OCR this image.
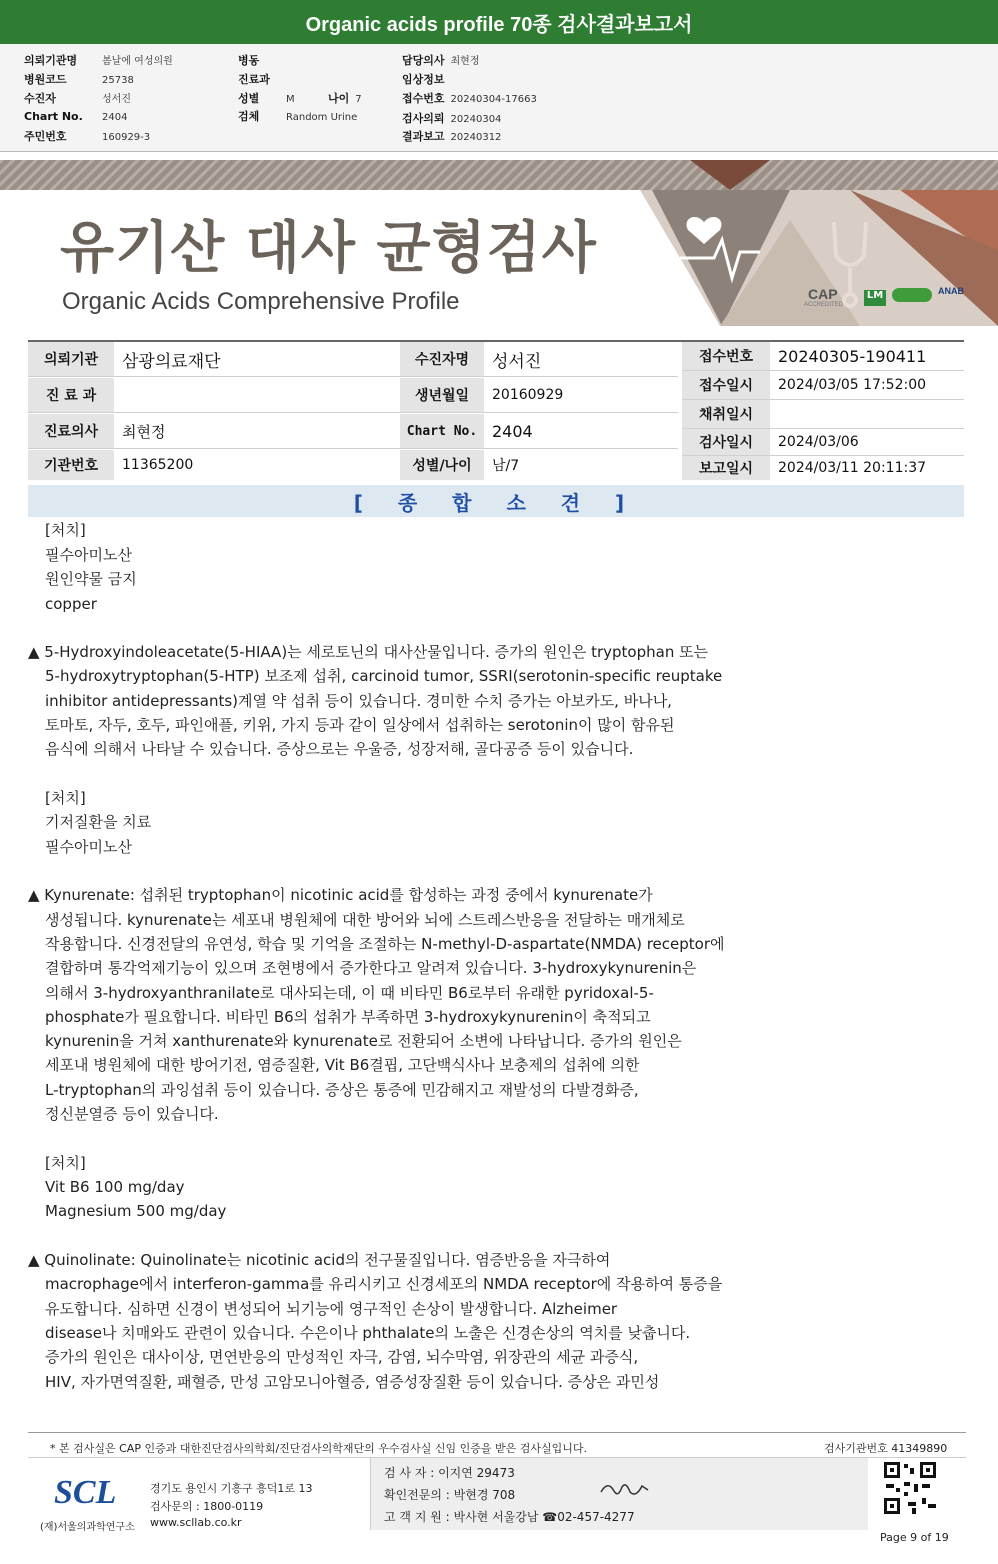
Organic acids profile 70종 검사결과보고서
의뢰기관명 봄날에 여성의원
병원코드	25738
수진자	성서진
Chart No. 2404
주민번호	160929-3
병동
진료과
성별	M	나이 7
검체	Random Urine
담당의사 최현정
임상정보
접수번호 20240304-17663
검사의뢰 20240304
결과보고 20240312
유기산 대사 균형검사
Organic Acids Comprehensive Profile	CAP
ACCREDITED
LM	ANAB
의뢰기관	삼광의료재단
진 료 과
진료의사	최현정
기관번호	11365200
수진자명	성서진
생년월일	20160929
Chart No. 2404
성별/나이	남/7
접수번호	20240305-190411
접수일시	2024/03/05 17:52:00
채취일시
검사일시	2024/03/06
보고일시	2024/03/11 20:11:37
[ 종 합 소 견 ]
[처치]
필수아미노산
원인약물 금지
copper
▲ 5-Hydroxyindoleacetate(5-HIAA)는 세로토닌의 대사산물입니다. 증가의 원인은 tryptophan 또는
5-hydroxytryptophan(5-HTP) 보조제 섭취, carcinoid tumor, SSRI(serotonin-specific reuptake
inhibitor antidepressants)계열 약 섭취 등이 있습니다. 경미한 수치 증가는 아보카도, 바나나,
토마토, 자두, 호두, 파인애플, 키위, 가지 등과 같이 일상에서 섭취하는 serotonin이 많이 함유된
음식에 의해서 나타날 수 있습니다. 증상으로는 우울증, 성장저해, 골다공증 등이 있습니다.
[처치]
기저질환을 치료
필수아미노산
▲ Kynurenate: 섭취된 tryptophan이 nicotinic acid를 합성하는 과정 중에서 kynurenate가
생성됩니다. kynurenate는 세포내 병원체에 대한 방어와 뇌에 스트레스반응을 전달하는 매개체로
작용합니다. 신경전달의 유연성, 학습 및 기억을 조절하는 N-methyl-D-aspartate(NMDA) receptor에
결합하며 통각억제기능이 있으며 조현병에서 증가한다고 알려져 있습니다. 3-hydroxykynurenin은
의해서 3-hydroxyanthranilate로 대사되는데, 이 때 비타민 B6로부터 유래한 pyridoxal-5-
phosphate가 필요합니다. 비타민 B6의 섭취가 부족하면 3-hydroxykynurenin이 축적되고
kynurenin을 거쳐 xanthurenate와 kynurenate로 전환되어 소변에 나타납니다. 증가의 원인은
세포내 병원체에 대한 방어기전, 염증질환, Vit B6결핍, 고단백식사나 보충제의 섭취에 의한
L-tryptophan의 과잉섭취 등이 있습니다. 증상은 통증에 민감해지고 재발성의 다발경화증,
정신분열증 등이 있습니다.
[처치]
Vit B6 100 mg/day
Magnesium 500 mg/day
▲ Quinolinate: Quinolinate는 nicotinic acid의 전구물질입니다. 염증반응을 자극하여
macrophage에서 interferon-gamma를 유리시키고 신경세포의 NMDA receptor에 작용하여 통증을
유도합니다. 심하면 신경이 변성되어 뇌기능에 영구적인 손상이 발생합니다. Alzheimer
disease나 치매와도 관련이 있습니다. 수은이나 phthalate의 노출은 신경손상의 역치를 낮춥니다.
증가의 원인은 대사이상, 면연반응의 만성적인 자극, 감염, 뇌수막염, 위장관의 세균 과증식,
HIV, 자가면역질환, 패혈증, 만성 고암모니아혈증, 염증성장질환 등이 있습니다. 증상은 과민성
* 본 검사실은 CAP 인증과 대한진단검사의학회/진단검사의학재단의 우수검사실 신임 인증을 받은 검사실입니다.	검사기관번호 41349890
SCL
(재)서울의과학연구소
경기도 용인시 기흥구 흥덕1로 13
검사문의 : 1800-0119
www.scllab.co.kr
검 사 자 : 이지연 29473
확인전문의 : 박현경 708
고 객 지 원 : 박사현 서울강남 ☎02-457-4277
Page 9 of 19
